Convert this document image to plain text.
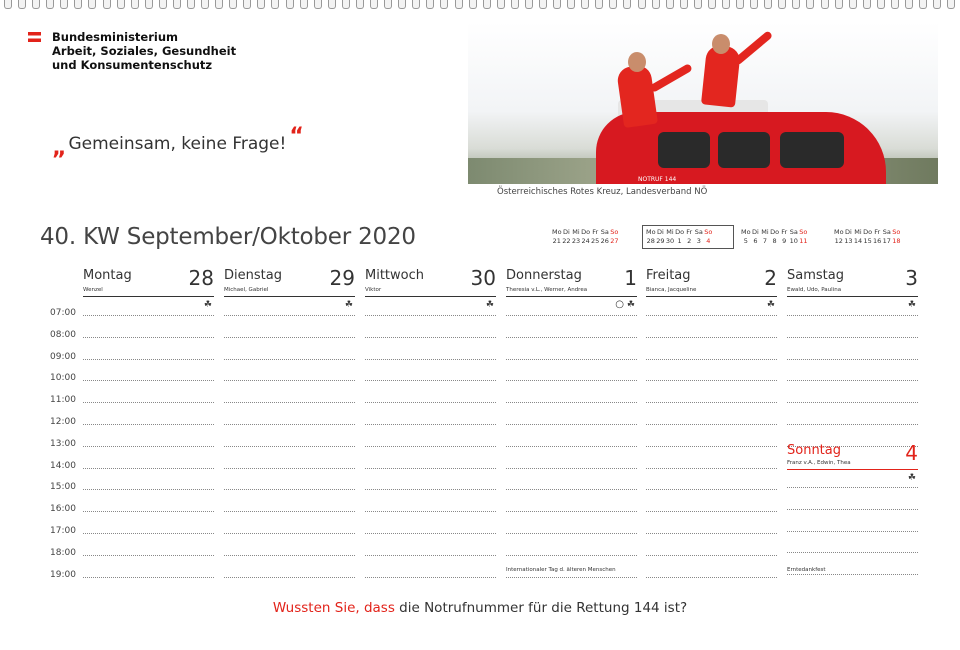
Bundesministerium
Arbeit, Soziales, Gesundheit
und Konsumentenschutz
„ Gemeinsam, keine Frage! “
NOTRUF 144
Österreichisches Rotes Kreuz, Landesverband NÖ
40. KW September/Oktober 2020	Mo Di Mi Do Fr Sa So
21 22 23 24 25 26 27
Mo Di Mi Do Fr Sa So
28 29 30 1 2 3 4
Mo Di Mi Do Fr Sa So
5 6 7 8 9 10 11
Mo Di Mi Do Fr Sa So
12 13 14 15 16 17 18
07:00
08:00
09:00
10:00
11:00
12:00
13:00
14:00
15:00
16:00
17:00
18:00
19:00
Montag	28
Wenzel
☘
Dienstag 29
Michael, Gabriel
☘
Mittwoch 30
Viktor
☘
Donnerstag 1
Theresia v.L., Werner, Andrea
☘
○
Internationaler Tag d. älteren Menschen
Freitag	2
Bianca, Jacqueline
☘
Samstag	3
Ewald, Udo, Paulina
☘
Erntedankfest
Sonntag	4
Franz v.A., Edwin, Thea
☘
Wussten Sie, dass die Notrufnummer für die Rettung 144 ist?
